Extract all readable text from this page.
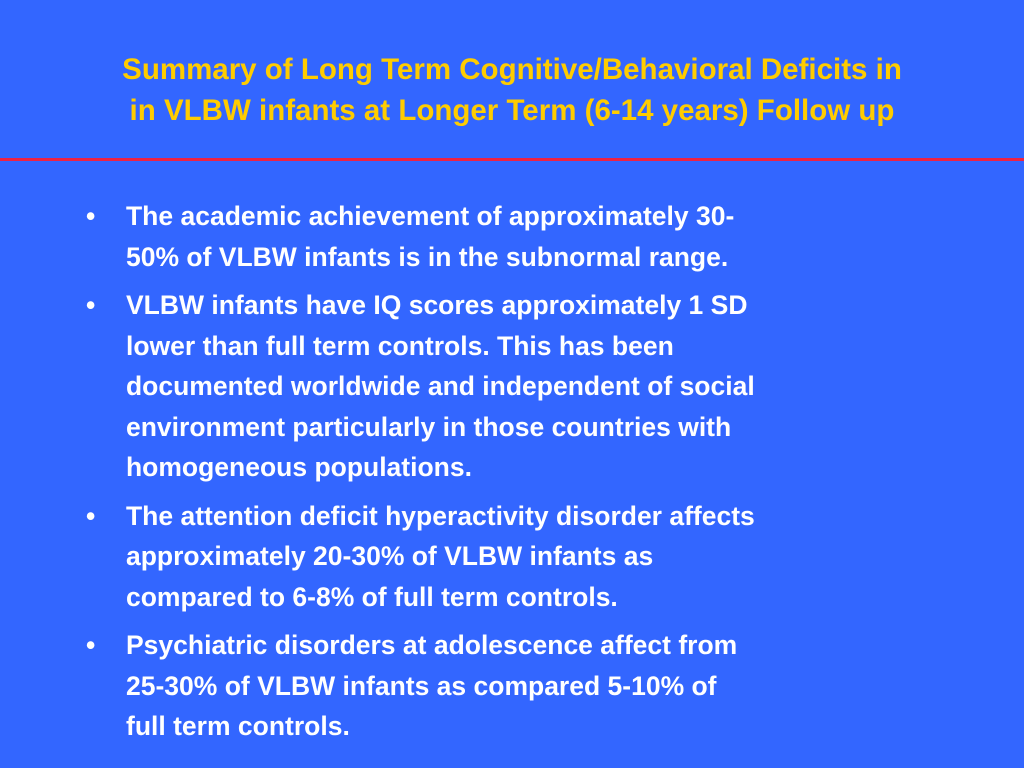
Summary of Long Term Cognitive/Behavioral Deficits in
in VLBW infants at Longer Term (6-14 years) Follow up
• The academic achievement of approximately 30-
50% of VLBW infants is in the subnormal range.
• VLBW infants have IQ scores approximately 1 SD
lower than full term controls. This has been
documented worldwide and independent of social
environment particularly in those countries with
homogeneous populations.
• The attention deficit hyperactivity disorder affects
approximately 20-30% of VLBW infants as
compared to 6-8% of full term controls.
• Psychiatric disorders at adolescence affect from
25-30% of VLBW infants as compared 5-10% of
full term controls.
